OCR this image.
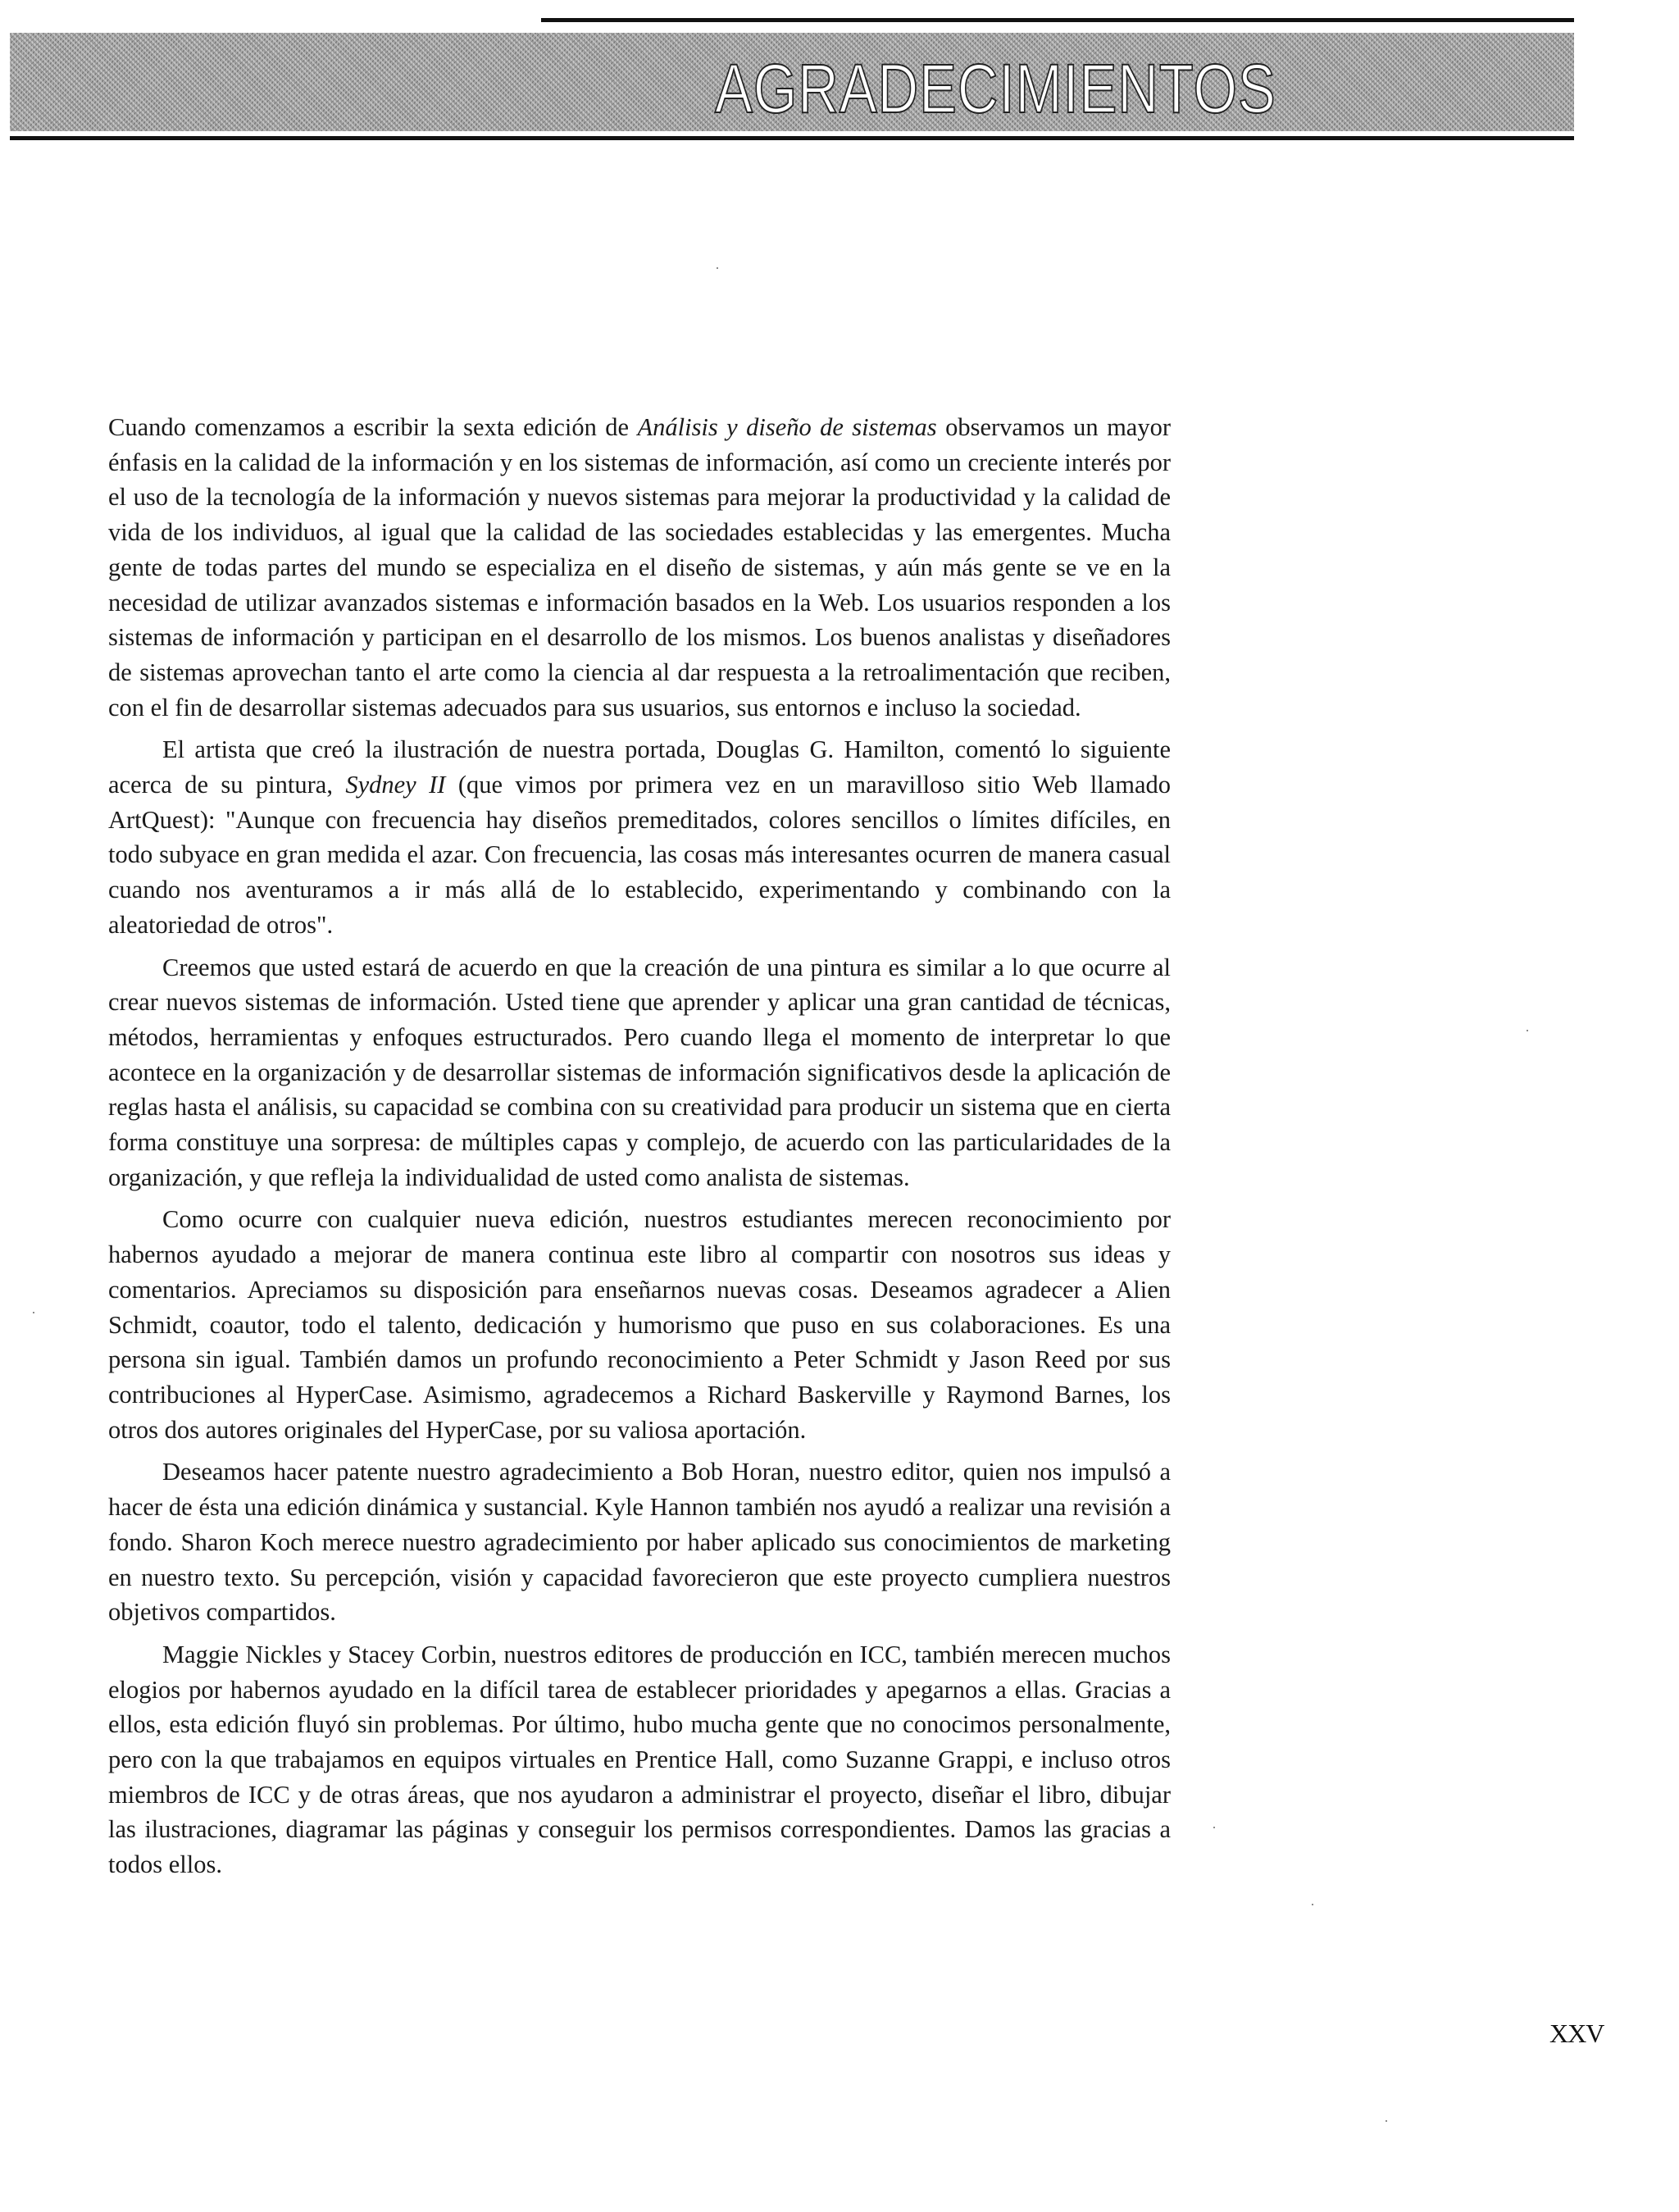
AGRADECIMIENTOS

Cuando comenzamos a escribir la sexta edición de Análisis y diseño de sistemas observamos un mayor énfasis en la calidad de la información y en los sistemas de información, así como un creciente interés por el uso de la tecnología de la información y nuevos sistemas para mejorar la productividad y la calidad de vida de los individuos, al igual que la calidad de las sociedades establecidas y las emergentes. Mucha gente de todas partes del mundo se especializa en el diseño de sistemas, y aún más gente se ve en la necesidad de utilizar avanzados sistemas e información basados en la Web. Los usuarios responden a los sistemas de información y participan en el desarrollo de los mismos. Los buenos analistas y diseñadores de sistemas aprovechan tanto el arte como la ciencia al dar respuesta a la retroalimentación que reciben, con el fin de desarrollar sistemas adecuados para sus usuarios, sus entornos e incluso la sociedad.

El artista que creó la ilustración de nuestra portada, Douglas G. Hamilton, comentó lo siguiente acerca de su pintura, Sydney II (que vimos por primera vez en un maravilloso sitio Web llamado ArtQuest): "Aunque con frecuencia hay diseños premeditados, colores sencillos o límites difíciles, en todo subyace en gran medida el azar. Con frecuencia, las cosas más interesantes ocurren de manera casual cuando nos aventuramos a ir más allá de lo establecido, experimentando y combinando con la aleatoriedad de otros".

Creemos que usted estará de acuerdo en que la creación de una pintura es similar a lo que ocurre al crear nuevos sistemas de información. Usted tiene que aprender y aplicar una gran cantidad de técnicas, métodos, herramientas y enfoques estructurados. Pero cuando llega el momento de interpretar lo que acontece en la organización y de desarrollar sistemas de información significativos desde la aplicación de reglas hasta el análisis, su capacidad se combina con su creatividad para producir un sistema que en cierta forma constituye una sorpresa: de múltiples capas y complejo, de acuerdo con las particularidades de la organización, y que refleja la individualidad de usted como analista de sistemas.

Como ocurre con cualquier nueva edición, nuestros estudiantes merecen reconocimiento por habernos ayudado a mejorar de manera continua este libro al compartir con nosotros sus ideas y comentarios. Apreciamos su disposición para enseñarnos nuevas cosas. Deseamos agradecer a Alien Schmidt, coautor, todo el talento, dedicación y humorismo que puso en sus colaboraciones. Es una persona sin igual. También damos un profundo reconocimiento a Peter Schmidt y Jason Reed por sus contribuciones al HyperCase. Asimismo, agradecemos a Richard Baskerville y Raymond Barnes, los otros dos autores originales del HyperCase, por su valiosa aportación.

Deseamos hacer patente nuestro agradecimiento a Bob Horan, nuestro editor, quien nos impulsó a hacer de ésta una edición dinámica y sustancial. Kyle Hannon también nos ayudó a realizar una revisión a fondo. Sharon Koch merece nuestro agradecimiento por haber aplicado sus conocimientos de marketing en nuestro texto. Su percepción, visión y capacidad favorecieron que este proyecto cumpliera nuestros objetivos compartidos.

Maggie Nickles y Stacey Corbin, nuestros editores de producción en ICC, también merecen muchos elogios por habernos ayudado en la difícil tarea de establecer prioridades y apegarnos a ellas. Gracias a ellos, esta edición fluyó sin problemas. Por último, hubo mucha gente que no conocimos personalmente, pero con la que trabajamos en equipos virtuales en Prentice Hall, como Suzanne Grappi, e incluso otros miembros de ICC y de otras áreas, que nos ayudaron a administrar el proyecto, diseñar el libro, dibujar las ilustraciones, diagramar las páginas y conseguir los permisos correspondientes. Damos las gracias a todos ellos.

XXV
